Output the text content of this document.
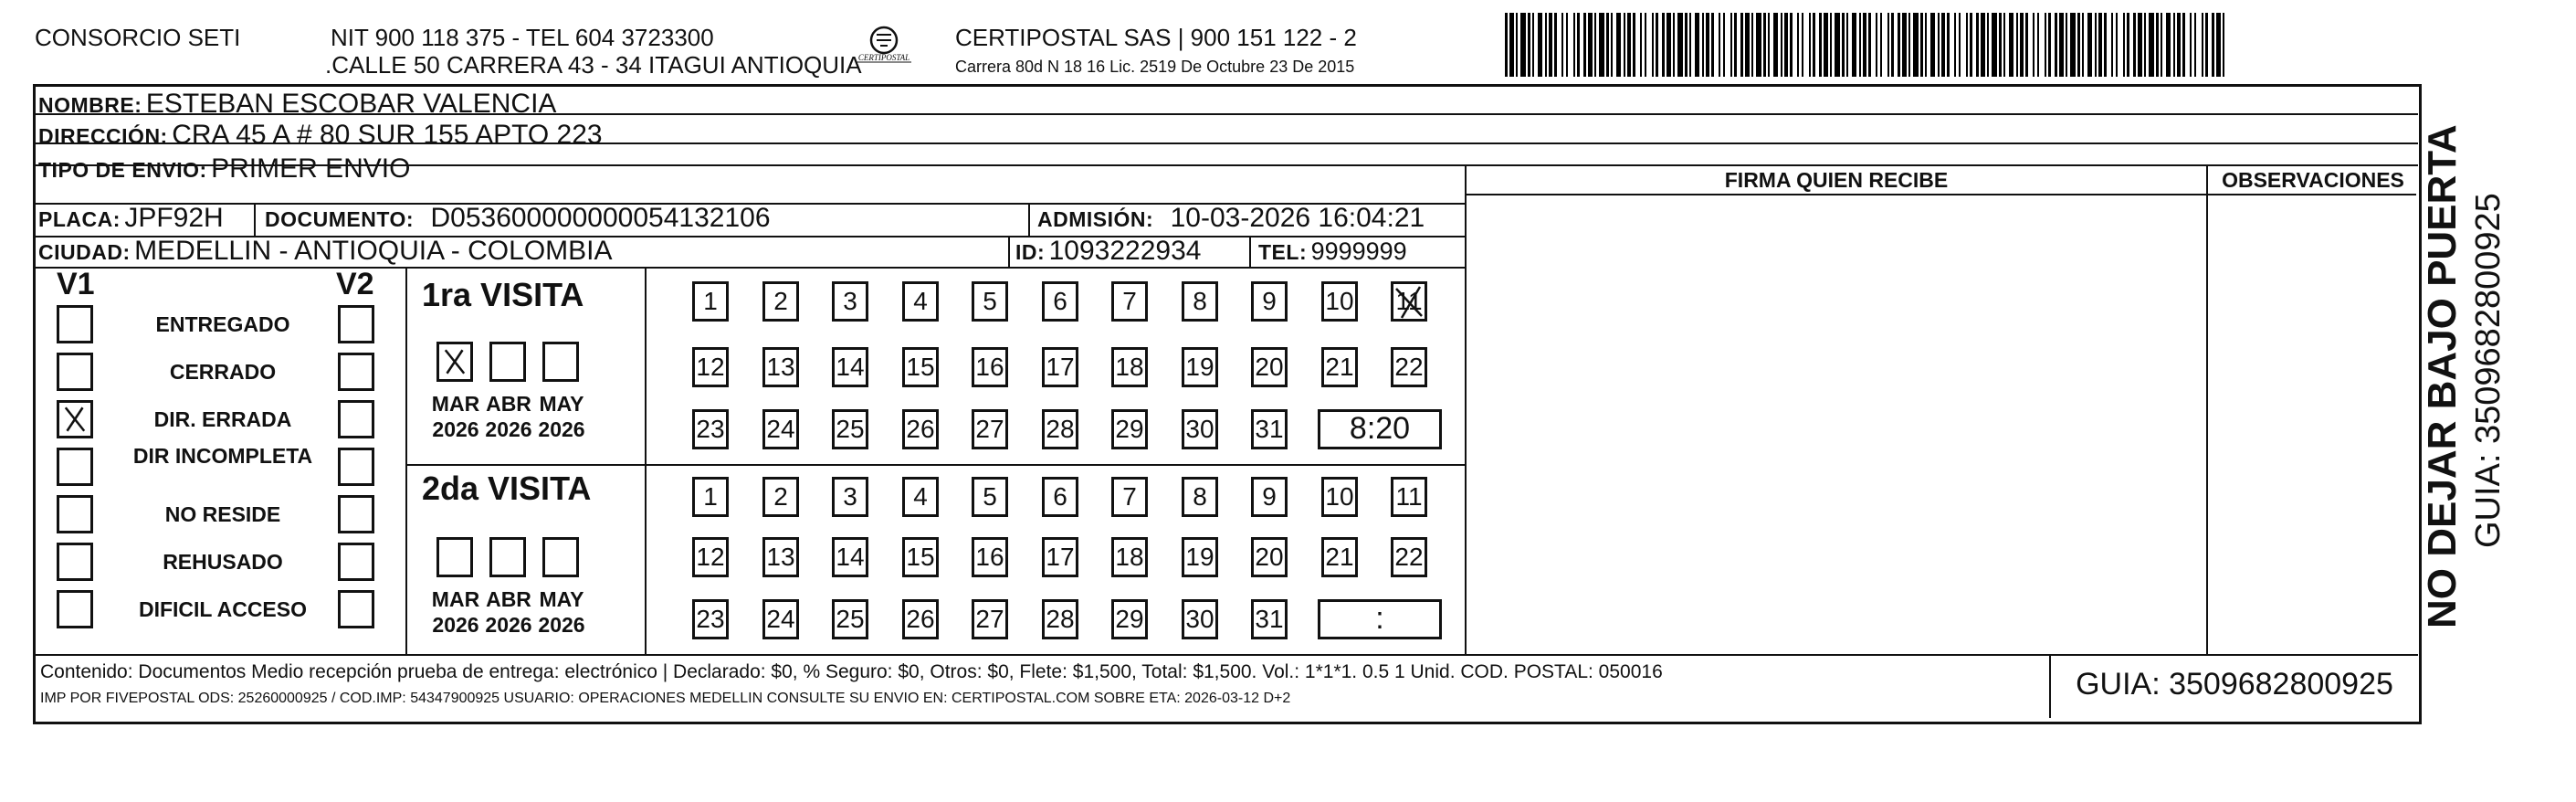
CONSORCIO SETI	NIT 900 118 375 - TEL 604 3723300
.CALLE 50 CARRERA 43 - 34 ITAGUI ANTIOQUIA
CERTIPOSTAL
CERTIPOSTAL SAS | 900 151 122 - 2
Carrera 80d N 18 16 Lic. 2519 De Octubre 23 De 2015
NOMBRE: ESTEBAN ESCOBAR VALENCIA
DIRECCIÓN: CRA 45 A # 80 SUR 155 APTO 223
TIPO DE ENVIO: PRIMER ENVIO	FIRMA QUIEN RECIBE	OBSERVACIONES
PLACA: JPF92H DOCUMENTO: D053600000000054132106	ADMISIÓN: 10-03-2026 16:04:21
CIUDAD: MEDELLIN - ANTIOQUIA - COLOMBIA	ID: 1093222934	TEL: 9999999
V1	V2
ENTREGADO
CERRADO
DIR. ERRADA
DIR INCOMPLETA
NO RESIDE
REHUSADO
DIFICIL ACCESO
1ra VISITA
MAR
2026
ABR
2026
MAY
2026
1	2	3	4	5	6	7	8	9	10 11
12 13 14 15 16 17 18 19 20 21 22
23 24 25 26 27 28 29 30 31	8:20
2da VISITA
MAR
2026
ABR
2026
MAY
2026
1	2	3	4	5	6	7	8	9	10 11
12 13 14 15 16 17 18 19 20 21 22
23 24 25 26 27 28 29 30 31	:
Contenido: Documentos Medio recepción prueba de entrega: electrónico | Declarado: $0, % Seguro: $0, Otros: $0, Flete: $1,500, Total: $1,500. Vol.: 1*1*1. 0.5 1 Unid. COD. POSTAL: 050016
IMP POR FIVEPOSTAL ODS: 25260000925 / COD.IMP: 54347900925 USUARIO: OPERACIONES MEDELLIN CONSULTE SU ENVIO EN: CERTIPOSTAL.COM SOBRE ETA: 2026-03-12 D+2	GUIA: 3509682800925
NO DEJAR BAJO PUERTA GUIA: 3509682800925
